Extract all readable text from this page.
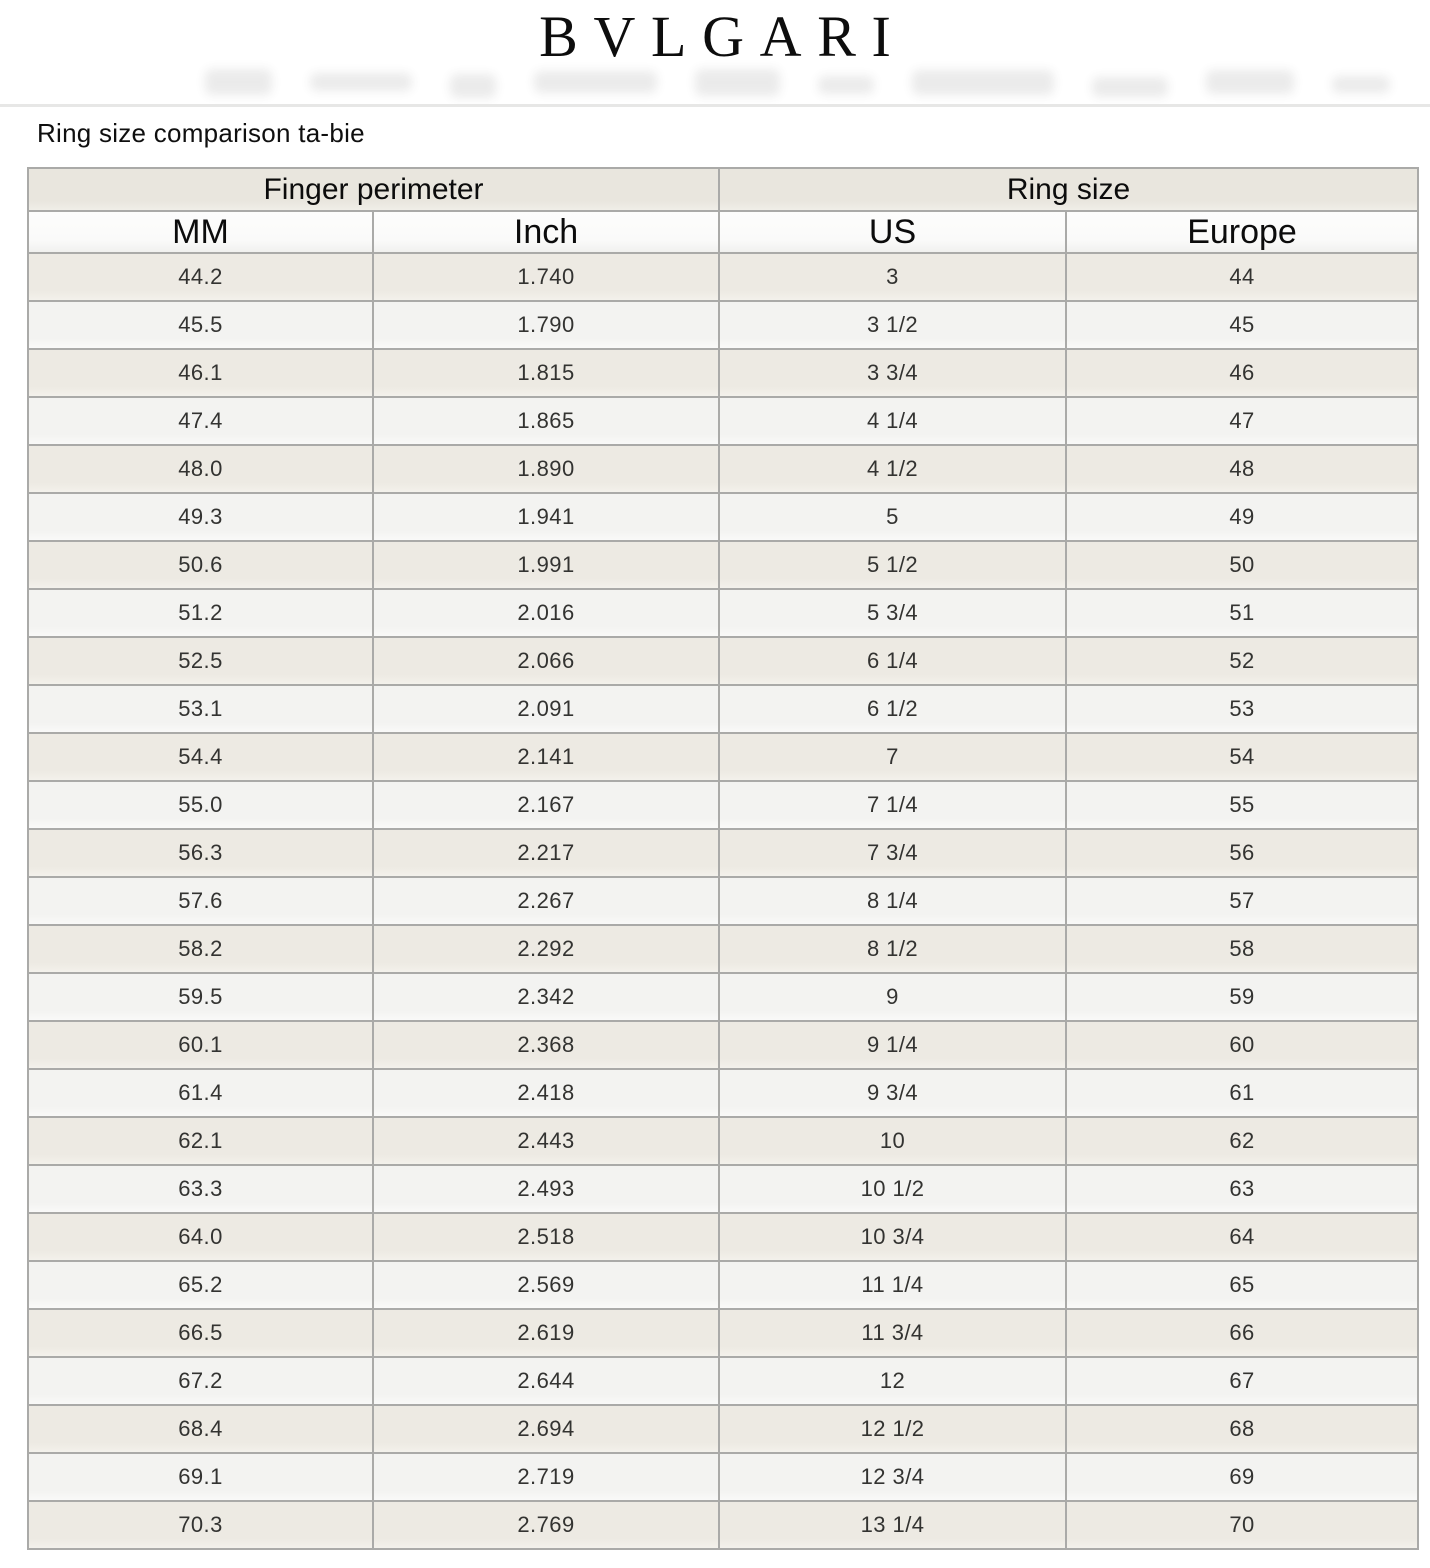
BVLGARI
Ring size comparison ta-bie
Finger perimeter		Ring size	
MM	Inch	US	Europe
44.2	1.740	3	44
45.5	1.790	3 1/2	45
46.1	1.815	3 3/4	46
47.4	1.865	4 1/4	47
48.0	1.890	4 1/2	48
49.3	1.941	5	49
50.6	1.991	5 1/2	50
51.2	2.016	5 3/4	51
52.5	2.066	6 1/4	52
53.1	2.091	6 1/2	53
54.4	2.141	7	54
55.0	2.167	7 1/4	55
56.3	2.217	7 3/4	56
57.6	2.267	8 1/4	57
58.2	2.292	8 1/2	58
59.5	2.342	9	59
60.1	2.368	9 1/4	60
61.4	2.418	9 3/4	61
62.1	2.443	10	62
63.3	2.493	10 1/2	63
64.0	2.518	10 3/4	64
65.2	2.569	11 1/4	65
66.5	2.619	11 3/4	66
67.2	2.644	12	67
68.4	2.694	12 1/2	68
69.1	2.719	12 3/4	69
70.3	2.769	13 1/4	70
